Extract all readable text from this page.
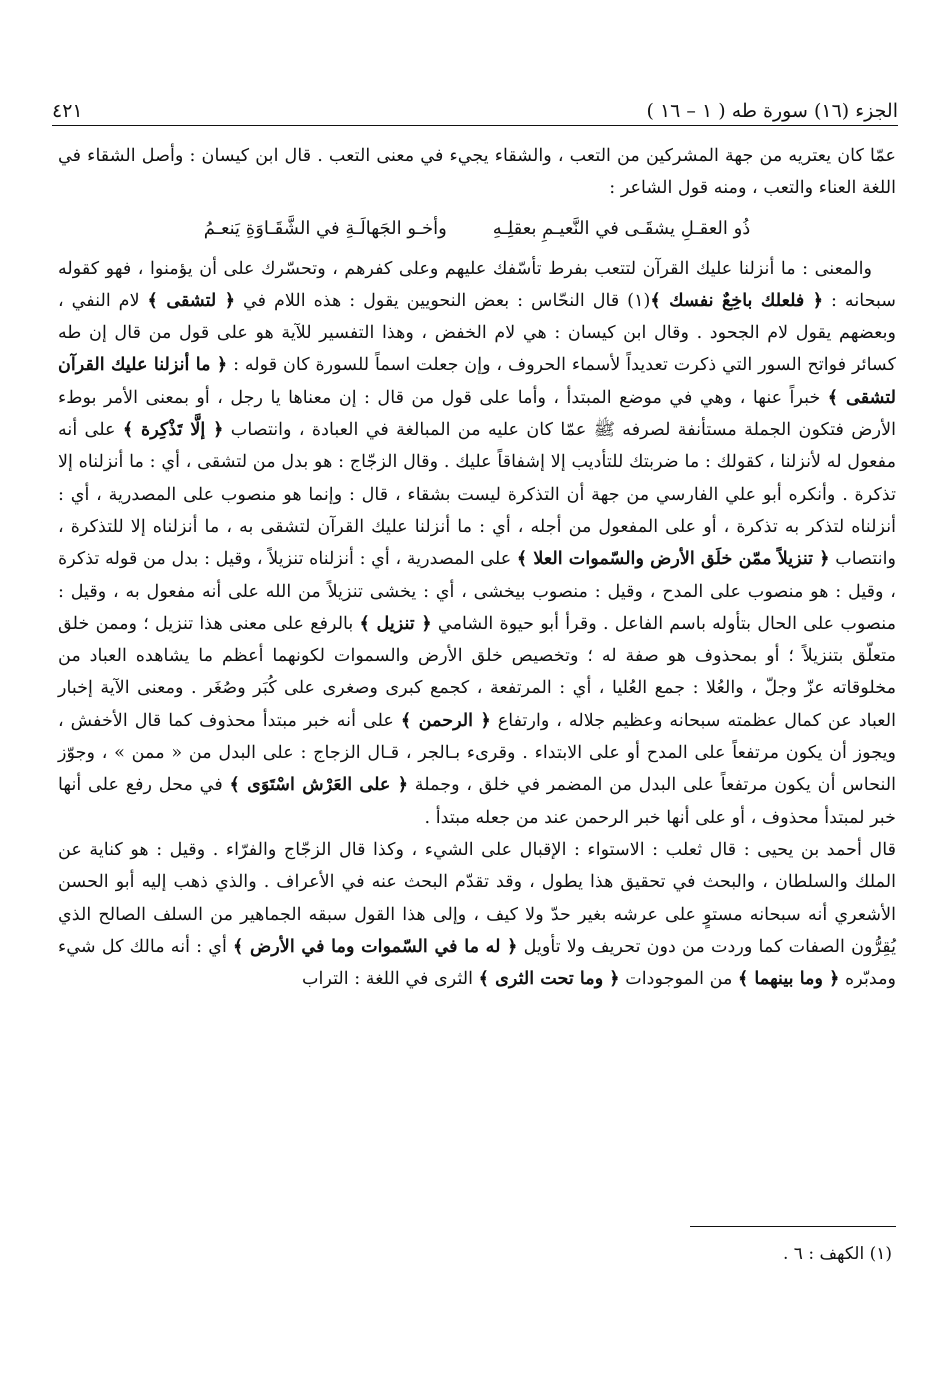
الجزء (١٦) سورة طه ( ١ – ١٦ )
٤٢١

عمّا كان يعتريه من جهة المشركين من التعب ، والشقاء يجيء في معنى التعب . قال ابن كيسان : وأصل الشقاء في اللغة العناء والتعب ، ومنه قول الشاعر :

ذُو العقـلِ يشقَـى في النَّعيـمِ بعقلِـهِ
وأخـو الجَهالَـةِ في الشَّقَـاوَةِ يَنعـمُ

والمعنى : ما أنزلنا عليك القرآن لتتعب بفرط تأسّفك عليهم وعلى كفرهم ، وتحسّرك على أن يؤمنوا ، فهو كقوله سبحانه : ﴿ فلعلك باخِعٌ نفسك ﴾(١) قال النحّاس : بعض النحويين يقول : هذه اللام في ﴿ لتشقى ﴾ لام النفي ، وبعضهم يقول لام الجحود . وقال ابن كيسان : هي لام الخفض ، وهذا التفسير للآية هو على قول من قال إن طه كسائر فواتح السور التي ذكرت تعديداً لأسماء الحروف ، وإن جعلت اسماً للسورة كان قوله : ﴿ ما أنزلنا عليك القرآن لتشقى ﴾ خبراً عنها ، وهي في موضع المبتدأ ، وأما على قول من قال : إن معناها يا رجل ، أو بمعنى الأمر بوطء الأرض فتكون الجملة مستأنفة لصرفه ﷺ عمّا كان عليه من المبالغة في العبادة ، وانتصاب ﴿ إلَّا تَذْكِرة ﴾ على أنه مفعول له لأنزلنا ، كقولك : ما ضربتك للتأديب إلا إشفاقاً عليك . وقال الزجّاج : هو بدل من لتشقى ، أي : ما أنزلناه إلا تذكرة . وأنكره أبو علي الفارسي من جهة أن التذكرة ليست بشقاء ، قال : وإنما هو منصوب على المصدرية ، أي : أنزلناه لتذكر به تذكرة ، أو على المفعول من أجله ، أي : ما أنزلنا عليك القرآن لتشقى به ، ما أنزلناه إلا للتذكرة ، وانتصاب ﴿ تنزيلاً ممّن خلَق الأرض والسّموات العلا ﴾ على المصدرية ، أي : أنزلناه تنزيلاً ، وقيل : بدل من قوله تذكرة ، وقيل : هو منصوب على المدح ، وقيل : منصوب بيخشى ، أي : يخشى تنزيلاً من الله على أنه مفعول به ، وقيل : منصوب على الحال بتأوله باسم الفاعل . وقرأ أبو حيوة الشامي ﴿ تنزيل ﴾ بالرفع على معنى هذا تنزيل ؛ وممن خلق متعلّق بتنزيلاً ؛ أو بمحذوف هو صفة له ؛ وتخصيص خلق الأرض والسموات لكونهما أعظم ما يشاهده العباد من مخلوقاته عزّ وجلّ ، والعُلا : جمع العُليا ، أي : المرتفعة ، كجمع كبرى وصغرى على كُبَر وصُغَر . ومعنى الآية إخبار العباد عن كمال عظمته سبحانه وعظيم جلاله ، وارتفاع ﴿ الرحمن ﴾ على أنه خبر مبتدأ محذوف كما قال الأخفش ، ويجوز أن يكون مرتفعاً على المدح أو على الابتداء . وقرىء بـالجر ، قـال الزجاج : على البدل من « ممن » ، وجوّز النحاس أن يكون مرتفعاً على البدل من المضمر في خلق ، وجملة ﴿ على العَرْش اسْتَوَى ﴾ في محل رفع على أنها خبر لمبتدأ محذوف ، أو على أنها خبر الرحمن عند من جعله مبتدأ .

قال أحمد بن يحيى : قال ثعلب : الاستواء : الإقبال على الشيء ، وكذا قال الزجّاج والفرّاء . وقيل : هو كناية عن الملك والسلطان ، والبحث في تحقيق هذا يطول ، وقد تقدّم البحث عنه في الأعراف . والذي ذهب إليه أبو الحسن الأشعري أنه سبحانه مستوٍ على عرشه بغير حدّ ولا كيف ، وإلى هذا القول سبقه الجماهير من السلف الصالح الذي يُقِرُّون الصفات كما وردت من دون تحريف ولا تأويل ﴿ له ما في السّموات وما في الأرض ﴾ أي : أنه مالك كل شيء ومدبّره ﴿ وما بينهما ﴾ من الموجودات ﴿ وما تحت الثرى ﴾ الثرى في اللغة : التراب

(١) الكهف : ٦ .
